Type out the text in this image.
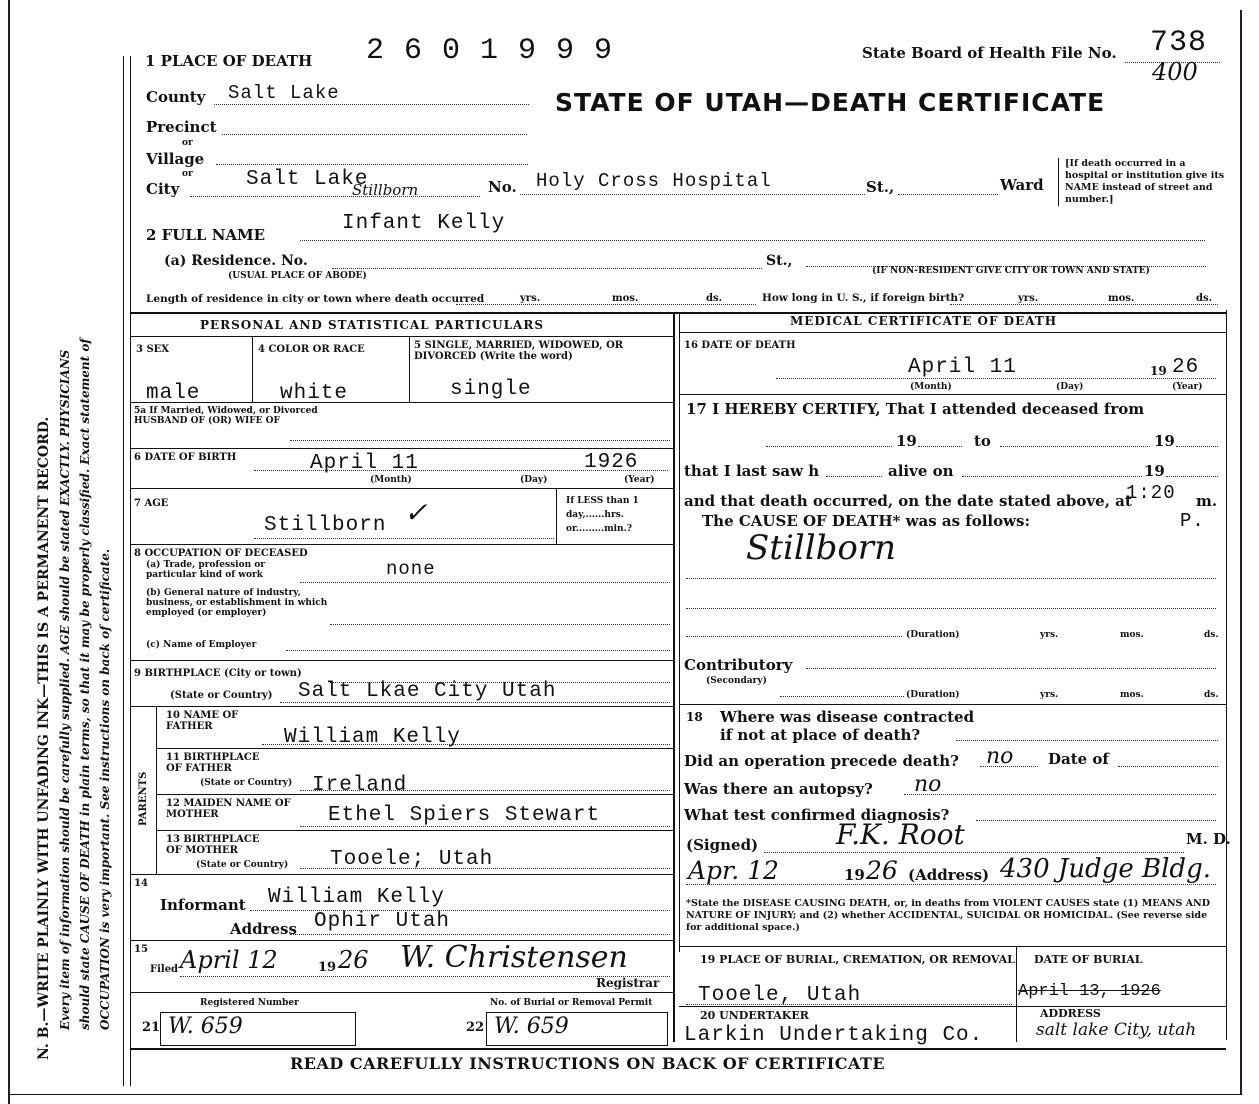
N. B.—WRITE PLAINLY WITH UNFADING INK—THIS IS A PERMANENT RECORD. Every item of information should be carefully supplied. AGE should be stated EXACTLY. PHYSICIANS should state CAUSE OF DEATH in plain terms, so that it may be properly classified. Exact statement of OCCUPATION is very important. See instructions on back of certificate.
1 PLACE OF DEATH 2 6 0 1 9 9 9	State Board of Health File No. 738
400
STATE OF UTAH—DEATH CERTIFICATE
County Salt Lake
Precinct
or
Village
or
City	Salt Lake
Stillborn	No. Holy Cross Hospital	St.,	Ward
[If death occurred in a hospital or institution give its NAME instead of street and number.]
2 FULL NAME	Infant Kelly
(a) Residence. No.
(USUAL PLACE OF ABODE)
St.,
(IF NON-RESIDENT GIVE CITY OR TOWN AND STATE)
Length of residence in city or town where death occurred	yrs.	mos.	ds.	How long in U. S., if foreign birth?	yrs.	mos.	ds.
PERSONAL AND STATISTICAL PARTICULARS
3 SEX	4 COLOR OR RACE	5 SINGLE, MARRIED, WIDOWED, OR DIVORCED (Write the word)
male	white	single
5a If Married, Widowed, or Divorced HUSBAND OF (OR) WIFE OF
6 DATE OF BIRTH	April 11	1926
(Month)	(Day)	(Year)
7 AGE
Stillborn ✓	If LESS than 1 day,......hrs. or.........min.?
8 OCCUPATION OF DECEASED
(a) Trade, profession or particular kind of work
(b) General nature of industry, business, or establishment in which employed (or employer)
none
(c) Name of Employer
9 BIRTHPLACE (City or town)
(State or Country) Salt Lkae City Utah
PARENTS
10 NAME OF FATHER	William Kelly
11 BIRTHPLACE OF FATHER
(State or Country) Ireland
12 MAIDEN NAME OF MOTHER	Ethel Spiers Stewart
13 BIRTHPLACE OF MOTHER
(State or Country) Tooele; Utah
14
Informant William Kelly
Address Ophir Utah
15
Filed April 12	19 26 W. Christensen
Registrar
Registered Number	No. of Burial or Removal Permit
21 W. 659	22 W. 659
MEDICAL CERTIFICATE OF DEATH
16 DATE OF DEATH
April 11	19 26
(Month)	(Day)	(Year)
17 I HEREBY CERTIFY, That I attended deceased from
19	to	19
that I last saw h	alive on	19
and that death occurred, on the date stated above, at
1:20 m.
P.
The CAUSE OF DEATH* was as follows:
Stillborn
(Duration)	yrs.	mos.	ds.
Contributory
(Secondary)
(Duration)	yrs.	mos.	ds.
18 Where was disease contracted
if not at place of death?
Did an operation precede death? no Date of
Was there an autopsy? no
What test confirmed diagnosis?
(Signed)	F.K. Root	M. D.
Apr. 12	19 26 (Address) 430 Judge Bldg.
*State the DISEASE CAUSING DEATH, or, in deaths from VIOLENT CAUSES state (1) MEANS AND NATURE OF INJURY; and (2) whether ACCIDENTAL, SUICIDAL OR HOMICIDAL. (See reverse side for additional space.)
19 PLACE OF BURIAL, CREMATION, OR REMOVAL DATE OF BURIAL
Tooele, Utah	April 13, 1926
20 UNDERTAKER
Larkin Undertaking Co.
ADDRESS
salt lake City, utah
READ CAREFULLY INSTRUCTIONS ON BACK OF CERTIFICATE
